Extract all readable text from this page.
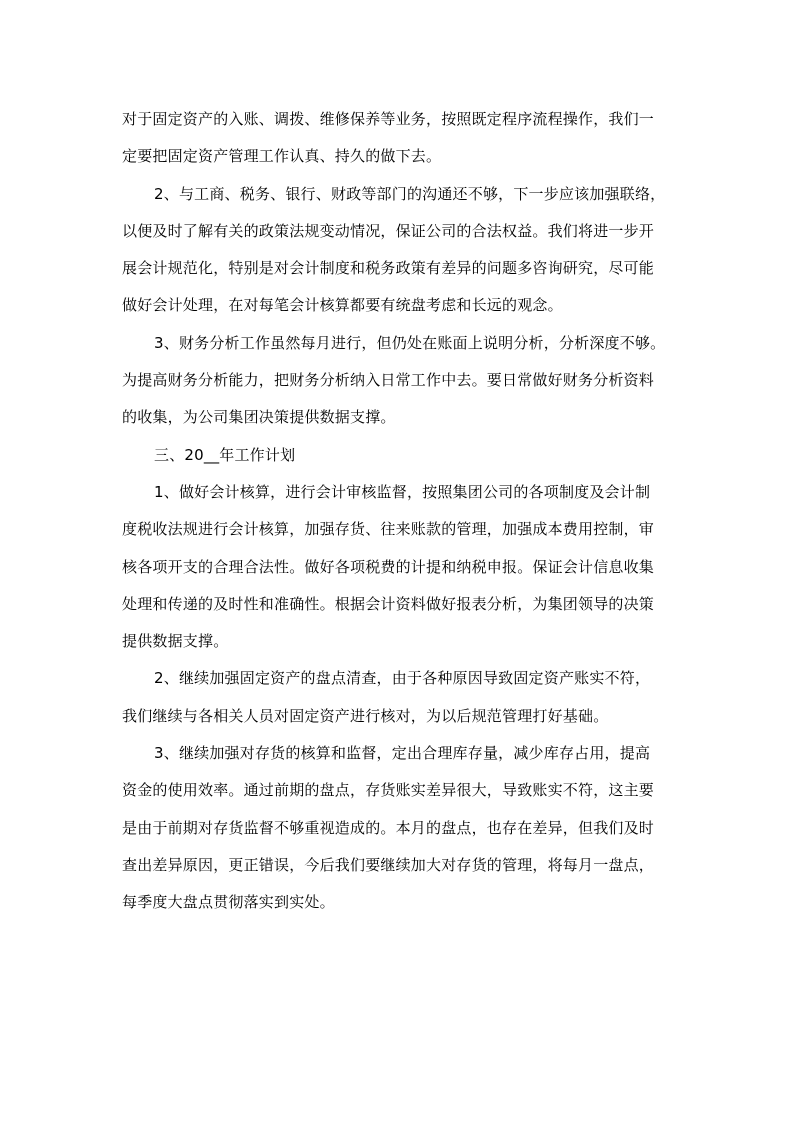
对于固定资产的入账、调拨、维修保养等业务，按照既定程序流程操作，我们一
定要把固定资产管理工作认真、持久的做下去。
2、与工商、税务、银行、财政等部门的沟通还不够，下一步应该加强联络，
以便及时了解有关的政策法规变动情况，保证公司的合法权益。我们将进一步开
展会计规范化，特别是对会计制度和税务政策有差异的问题多咨询研究，尽可能
做好会计处理，在对每笔会计核算都要有统盘考虑和长远的观念。
3、财务分析工作虽然每月进行，但仍处在账面上说明分析，分析深度不够。
为提高财务分析能力，把财务分析纳入日常工作中去。要日常做好财务分析资料
的收集，为公司集团决策提供数据支撑。
三、20__年工作计划
1、做好会计核算，进行会计审核监督，按照集团公司的各项制度及会计制
度税收法规进行会计核算，加强存货、往来账款的管理，加强成本费用控制，审
核各项开支的合理合法性。做好各项税费的计提和纳税申报。保证会计信息收集
处理和传递的及时性和准确性。根据会计资料做好报表分析，为集团领导的决策
提供数据支撑。
2、继续加强固定资产的盘点清查，由于各种原因导致固定资产账实不符，
我们继续与各相关人员对固定资产进行核对，为以后规范管理打好基础。
3、继续加强对存货的核算和监督，定出合理库存量，减少库存占用，提高
资金的使用效率。通过前期的盘点，存货账实差异很大，导致账实不符，这主要
是由于前期对存货监督不够重视造成的。本月的盘点，也存在差异，但我们及时
查出差异原因，更正错误，今后我们要继续加大对存货的管理，将每月一盘点，
每季度大盘点贯彻落实到实处。
